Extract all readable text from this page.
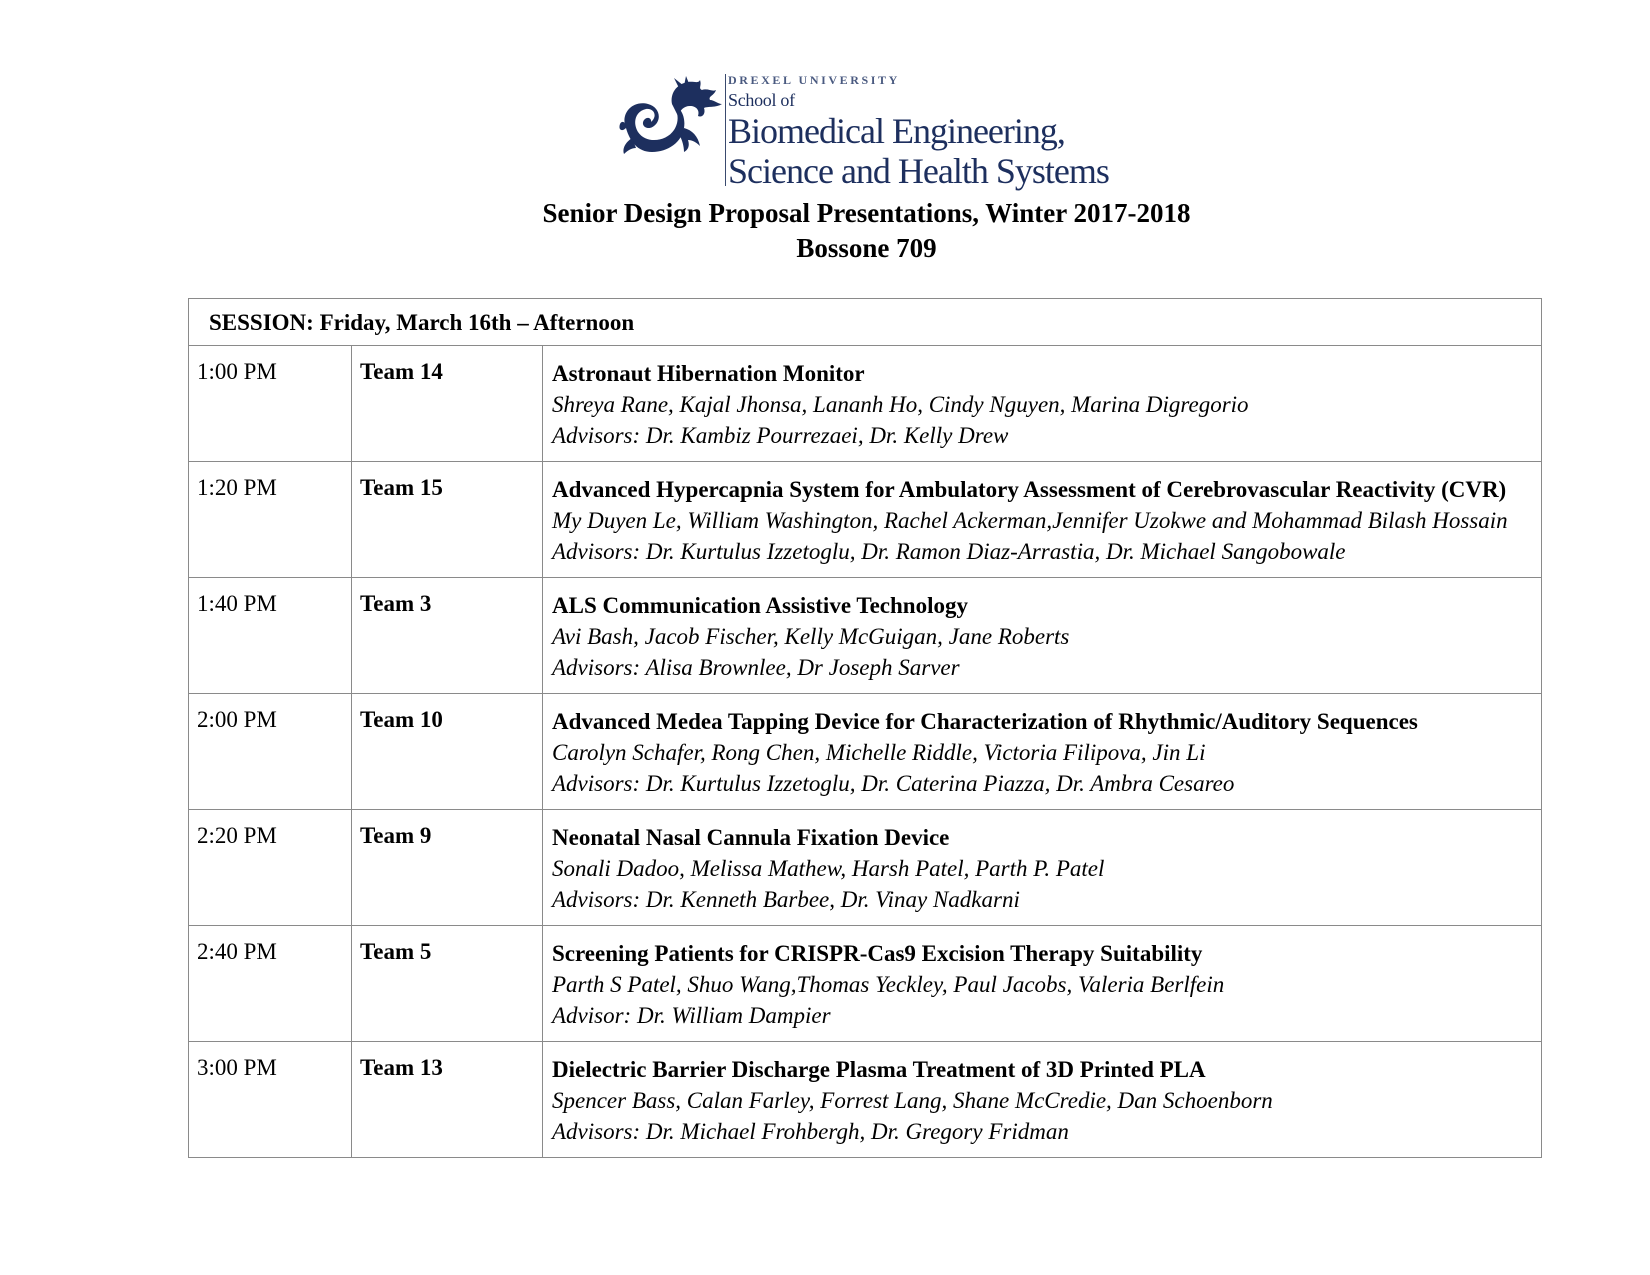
DREXEL UNIVERSITY
School of
Biomedical Engineering,
Science and Health Systems
Senior Design Proposal Presentations, Winter 2017-2018
Bossone 709
SESSION: Friday, March 16th – Afternoon
1:00 PM	Team 14	Astronaut Hibernation Monitor
Shreya Rane, Kajal Jhonsa, Lananh Ho, Cindy Nguyen, Marina Digregorio
Advisors: Dr. Kambiz Pourrezaei, Dr. Kelly Drew
1:20 PM	Team 15	Advanced Hypercapnia System for Ambulatory Assessment of Cerebrovascular Reactivity (CVR)
My Duyen Le, William Washington, Rachel Ackerman,Jennifer Uzokwe and Mohammad Bilash Hossain
Advisors: Dr. Kurtulus Izzetoglu, Dr. Ramon Diaz-Arrastia, Dr. Michael Sangobowale
1:40 PM	Team 3	ALS Communication Assistive Technology
Avi Bash, Jacob Fischer, Kelly McGuigan, Jane Roberts
Advisors: Alisa Brownlee, Dr Joseph Sarver
2:00 PM	Team 10	Advanced Medea Tapping Device for Characterization of Rhythmic/Auditory Sequences
Carolyn Schafer, Rong Chen, Michelle Riddle, Victoria Filipova, Jin Li
Advisors: Dr. Kurtulus Izzetoglu, Dr. Caterina Piazza, Dr. Ambra Cesareo
2:20 PM	Team 9	Neonatal Nasal Cannula Fixation Device
Sonali Dadoo, Melissa Mathew, Harsh Patel, Parth P. Patel
Advisors: Dr. Kenneth Barbee, Dr. Vinay Nadkarni
2:40 PM	Team 5	Screening Patients for CRISPR-Cas9 Excision Therapy Suitability
Parth S Patel, Shuo Wang,Thomas Yeckley, Paul Jacobs, Valeria Berlfein
Advisor: Dr. William Dampier
3:00 PM	Team 13	Dielectric Barrier Discharge Plasma Treatment of 3D Printed PLA
Spencer Bass, Calan Farley, Forrest Lang, Shane McCredie, Dan Schoenborn
Advisors: Dr. Michael Frohbergh, Dr. Gregory Fridman
